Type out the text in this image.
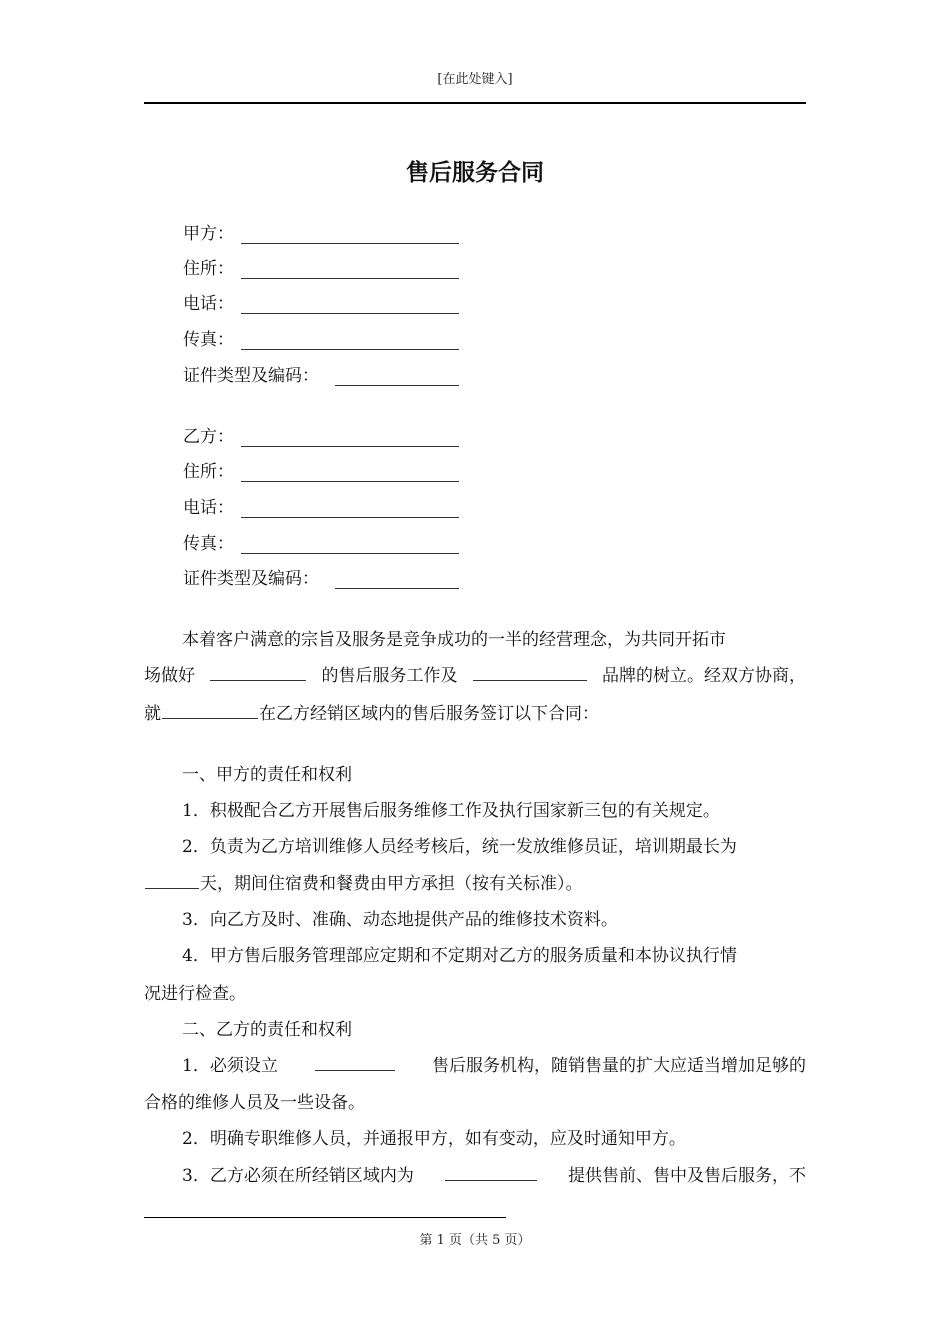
[在此处键入]
售后服务合同
甲方：
住所：
电话：
传真：
证件类型及编码：
乙方：
住所：
电话：
传真：
证件类型及编码：
本着客户满意的宗旨及服务是竞争成功的一半的经营理念，为共同开拓市
场做好	的售后服务工作及	品牌的树立。经双方协商，
就	在乙方经销区域内的售后服务签订以下合同：
一、甲方的责任和权利
1．积极配合乙方开展售后服务维修工作及执行国家新三包的有关规定。
2．负责为乙方培训维修人员经考核后，统一发放维修员证，培训期最长为
天，期间住宿费和餐费由甲方承担（按有关标准）。
3．向乙方及时、准确、动态地提供产品的维修技术资料。
4．甲方售后服务管理部应定期和不定期对乙方的服务质量和本协议执行情
况进行检查。
二、乙方的责任和权利
1．必须设立	售后服务机构，随销售量的扩大应适当增加足够的
合格的维修人员及一些设备。
2．明确专职维修人员，并通报甲方，如有变动，应及时通知甲方。
3．乙方必须在所经销区域内为	提供售前、售中及售后服务，不
第 1 页（共 5 页）
